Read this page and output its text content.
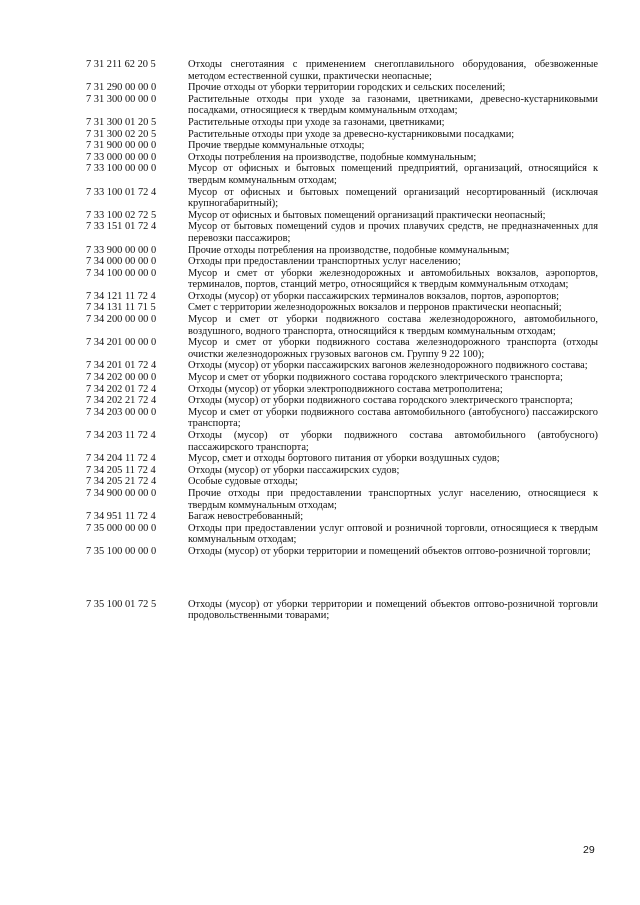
7 31 211 62 20 5	Отходы снеготаяния с применением снегоплавильного оборудования, обезвоженные методом естественной сушки, практически неопасные;
7 31 290 00 00 0	Прочие отходы от уборки территории городских и сельских поселений;
7 31 300 00 00 0	Растительные отходы при уходе за газонами, цветниками, древесно-кустарниковыми посадками, относящиеся к твердым коммунальным отходам;
7 31 300 01 20 5	Растительные отходы при уходе за газонами, цветниками;
7 31 300 02 20 5	Растительные отходы при уходе за древесно-кустарниковыми посадками;
7 31 900 00 00 0	Прочие твердые коммунальные отходы;
7 33 000 00 00 0	Отходы потребления на производстве, подобные коммунальным;
7 33 100 00 00 0	Мусор от офисных и бытовых помещений предприятий, организаций, относящийся к твердым коммунальным отходам;
7 33 100 01 72 4	Мусор от офисных и бытовых помещений организаций несортированный (исключая крупногабаритный);
7 33 100 02 72 5	Мусор от офисных и бытовых помещений организаций практически неопасный;
7 33 151 01 72 4	Мусор от бытовых помещений судов и прочих плавучих средств, не предназначенных для перевозки пассажиров;
7 33 900 00 00 0	Прочие отходы потребления на производстве, подобные коммунальным;
7 34 000 00 00 0	Отходы при предоставлении транспортных услуг населению;
7 34 100 00 00 0	Мусор и смет от уборки железнодорожных и автомобильных вокзалов, аэропортов, терминалов, портов, станций метро, относящийся к твердым коммунальным отходам;
7 34 121 11 72 4	Отходы (мусор) от уборки пассажирских терминалов вокзалов, портов, аэропортов;
7 34 131 11 71 5	Смет с территории железнодорожных вокзалов и перронов практически неопасный;
7 34 200 00 00 0	Мусор и смет от уборки подвижного состава железнодорожного, автомобильного, воздушного, водного транспорта, относящийся к твердым коммунальным отходам;
7 34 201 00 00 0	Мусор и смет от уборки подвижного состава железнодорожного транспорта (отходы очистки железнодорожных грузовых вагонов см. Группу 9 22 100);
7 34 201 01 72 4	Отходы (мусор) от уборки пассажирских вагонов железнодорожного подвижного состава;
7 34 202 00 00 0	Мусор и смет от уборки подвижного состава городского электрического транспорта;
7 34 202 01 72 4	Отходы (мусор) от уборки электроподвижного состава метрополитена;
7 34 202 21 72 4	Отходы (мусор) от уборки подвижного состава городского электрического транспорта;
7 34 203 00 00 0	Мусор и смет от уборки подвижного состава автомобильного (автобусного) пассажирского транспорта;
7 34 203 11 72 4	Отходы (мусор) от уборки подвижного состава автомобильного (автобусного) пассажирского транспорта;
7 34 204 11 72 4	Мусор, смет и отходы бортового питания от уборки воздушных судов;
7 34 205 11 72 4	Отходы (мусор) от уборки пассажирских судов;
7 34 205 21 72 4	Особые судовые отходы;
7 34 900 00 00 0	Прочие отходы при предоставлении транспортных услуг населению, относящиеся к твердым коммунальным отходам;
7 34 951 11 72 4	Багаж невостребованный;
7 35 000 00 00 0	Отходы при предоставлении услуг оптовой и розничной торговли, относящиеся к твердым коммунальным отходам;
7 35 100 00 00 0	Отходы (мусор) от уборки территории и помещений объектов оптово-розничной торговли;
7 35 100 01 72 5	Отходы (мусор) от уборки территории и помещений объектов оптово-розничной торговли продовольственными товарами;
29
